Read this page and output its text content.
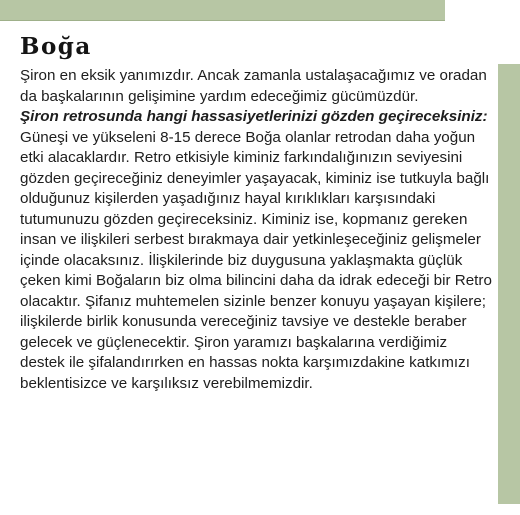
Boğa

Şiron en eksik yanımızdır. Ancak zamanla ustalaşacağımız ve oradan da başkalarının gelişimine yardım edeceğimiz gücümüzdür.

Şiron retrosunda hangi hassasiyetlerinizi gözden geçireceksiniz:

Güneşi ve yükseleni 8-15 derece Boğa olanlar retrodan daha yoğun etki alacaklardır. Retro etkisiyle kiminiz farkındalığınızın seviyesini gözden geçireceğiniz deneyimler yaşayacak, kiminiz ise tutkuyla bağlı olduğunuz kişilerden yaşadığınız hayal kırıklıkları karşısındaki tutumunuzu gözden geçireceksiniz. Kiminiz ise, kopmanız gereken insan ve ilişkileri serbest bırakmaya dair yetkinleşeceğiniz gelişmeler içinde olacaksınız. İlişkilerinde biz duygusuna yaklaşmakta güçlük çeken kimi Boğaların biz olma bilincini daha da idrak edeceği bir Retro olacaktır. Şifanız muhtemelen sizinle benzer konuyu yaşayan kişilere; ilişkilerde birlik konusunda vereceğiniz tavsiye ve destekle beraber gelecek ve güçlenecektir. Şiron yaramızı başkalarına verdiğimiz destek ile şifalandırırken en hassas nokta karşımızdakine katkımızı beklentisizce ve karşılıksız verebilmemizdir.
